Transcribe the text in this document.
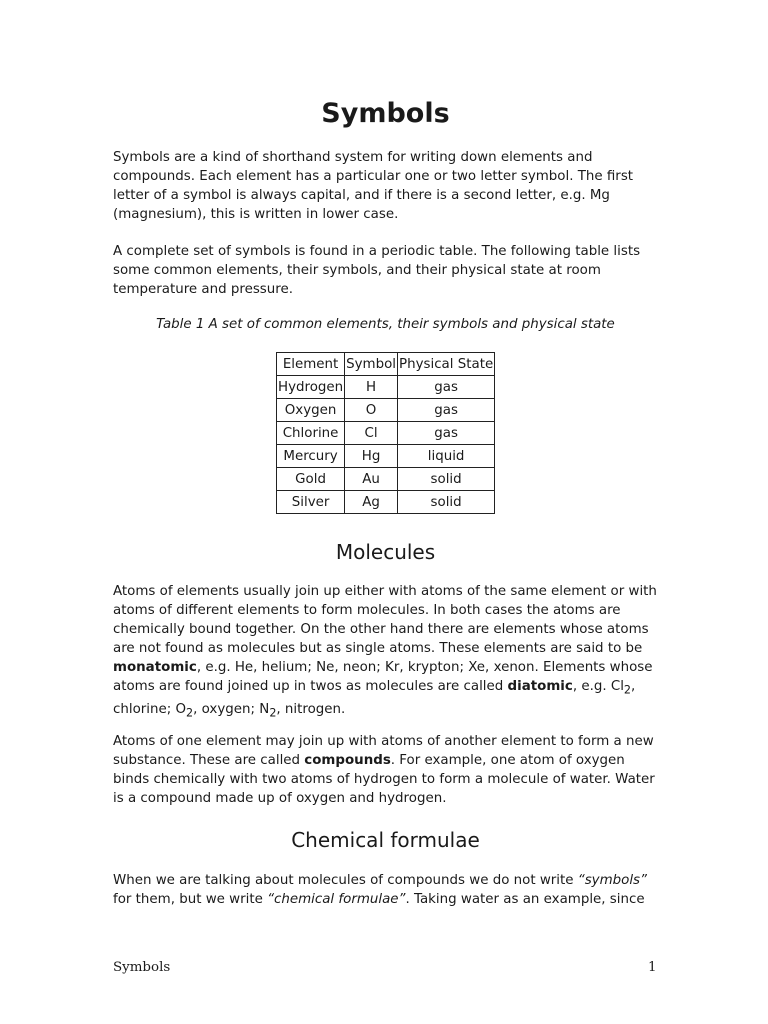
Symbols

Symbols are a kind of shorthand system for writing down elements and compounds. Each element has a particular one or two letter symbol. The first letter of a symbol is always capital, and if there is a second letter, e.g. Mg (magnesium), this is written in lower case.

A complete set of symbols is found in a periodic table. The following table lists some common elements, their symbols, and their physical state at room temperature and pressure.

Table 1 A set of common elements, their symbols and physical state
Element	Symbol	Physical State
Hydrogen	H	gas
Oxygen	O	gas
Chlorine	Cl	gas
Mercury	Hg	liquid
Gold	Au	solid
Silver	Ag	solid
Molecules

Atoms of elements usually join up either with atoms of the same element or with atoms of different elements to form molecules. In both cases the atoms are chemically bound together. On the other hand there are elements whose atoms are not found as molecules but as single atoms. These elements are said to be monatomic, e.g. He, helium; Ne, neon; Kr, krypton; Xe, xenon. Elements whose atoms are found joined up in twos as molecules are called diatomic, e.g. $Cl_2$, chlorine; $O_2$, oxygen; $N_2$, nitrogen.

Atoms of one element may join up with atoms of another element to form a new substance. These are called compounds. For example, one atom of oxygen binds chemically with two atoms of hydrogen to form a molecule of water. Water is a compound made up of oxygen and hydrogen.

Chemical formulae

When we are talking about molecules of compounds we do not write “symbols” for them, but we write “chemical formulae”. Taking water as an example, since

Symbols	1
